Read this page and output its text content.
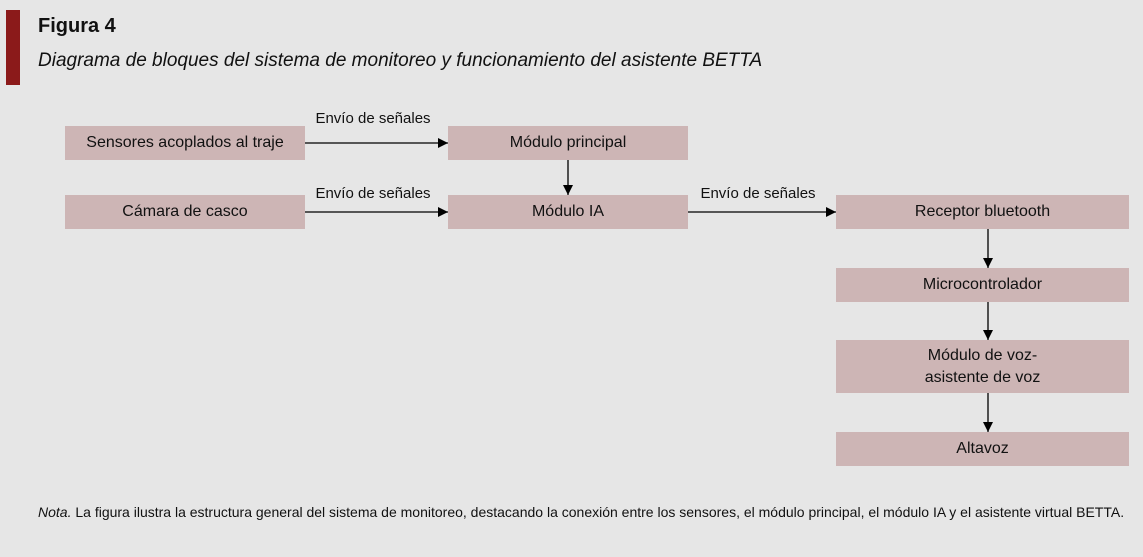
Figura 4
Diagrama de bloques del sistema de monitoreo y funcionamiento del asistente BETTA
Sensores acoplados al traje	Módulo principal
Cámara de casco	Módulo IA	Receptor bluetooth
Microcontrolador
Módulo de voz-
asistente de voz
Altavoz
Envío de señales
Envío de señales	Envío de señales
Nota. La figura ilustra la estructura general del sistema de monitoreo, destacando la conexión entre los sensores, el módulo principal, el módulo IA y el asistente virtual BETTA.
